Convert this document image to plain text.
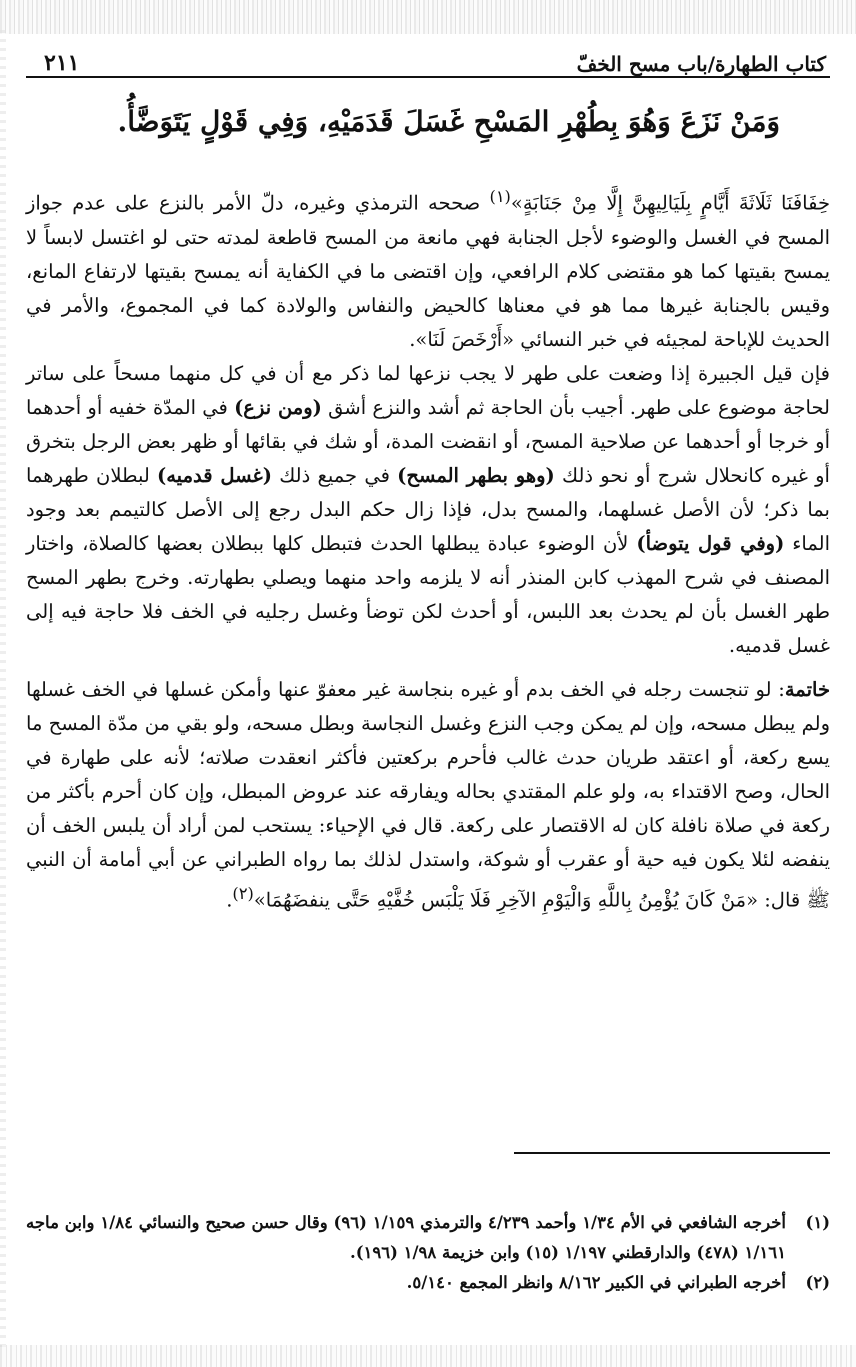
كتاب الطهارة/باب مسح الخفّ
٢١١
وَمَنْ نَزَعَ وَهُوَ بِطُهْرِ المَسْحِ غَسَلَ قَدَمَيْهِ، وَفِي قَوْلٍ يَتَوَضَّأُ.

خِفَافَنَا ثَلَاثَةَ أَيَّامٍ بِلَيَالِيهِنَّ إِلَّا مِنْ جَنَابَةٍ»$^{(١)}$ صححه الترمذي وغيره، دلّ الأمر بالنزع على عدم جواز المسح في الغسل والوضوء لأجل الجنابة فهي مانعة من المسح قاطعة لمدته حتى لو اغتسل لابساً لا يمسح بقيتها كما هو مقتضى كلام الرافعي، وإن اقتضى ما في الكفاية أنه يمسح بقيتها لارتفاع المانع، وقيس بالجنابة غيرها مما هو في معناها كالحيض والنفاس والولادة كما في المجموع، والأمر في الحديث للإباحة لمجيئه في خبر النسائي «أَرْخَصَ لَنَا».

فإن قيل الجبيرة إذا وضعت على طهر لا يجب نزعها لما ذكر مع أن في كل منهما مسحاً على ساتر لحاجة موضوع على طهر. أجيب بأن الحاجة ثم أشد والنزع أشق (ومن نزع) في المدّة خفيه أو أحدهما أو خرجا أو أحدهما عن صلاحية المسح، أو انقضت المدة، أو شك في بقائها أو ظهر بعض الرجل بتخرق أو غيره كانحلال شرج أو نحو ذلك (وهو بطهر المسح) في جميع ذلك (غسل قدميه) لبطلان طهرهما بما ذكر؛ لأن الأصل غسلهما، والمسح بدل، فإذا زال حكم البدل رجع إلى الأصل كالتيمم بعد وجود الماء (وفي قول يتوضأ) لأن الوضوء عبادة يبطلها الحدث فتبطل كلها ببطلان بعضها كالصلاة، واختار المصنف في شرح المهذب كابن المنذر أنه لا يلزمه واحد منهما ويصلي بطهارته. وخرج بطهر المسح طهر الغسل بأن لم يحدث بعد اللبس، أو أحدث لكن توضأ وغسل رجليه في الخف فلا حاجة فيه إلى غسل قدميه.

خاتمة: لو تنجست رجله في الخف بدم أو غيره بنجاسة غير معفوّ عنها وأمكن غسلها في الخف غسلها ولم يبطل مسحه، وإن لم يمكن وجب النزع وغسل النجاسة وبطل مسحه، ولو بقي من مدّة المسح ما يسع ركعة، أو اعتقد طريان حدث غالب فأحرم بركعتين فأكثر انعقدت صلاته؛ لأنه على طهارة في الحال، وصح الاقتداء به، ولو علم المقتدي بحاله ويفارقه عند عروض المبطل، وإن كان أحرم بأكثر من ركعة في صلاة نافلة كان له الاقتصار على ركعة. قال في الإحياء: يستحب لمن أراد أن يلبس الخف أن ينفضه لئلا يكون فيه حية أو عقرب أو شوكة، واستدل لذلك بما رواه الطبراني عن أبي أمامة أن النبي ﷺ قال: «مَنْ كَانَ يُؤْمِنُ بِاللَّهِ وَالْيَوْمِ الآخِرِ فَلَا يَلْبَس خُفَّيْهِ حَتَّى ينفضَهُمَا»$^{(٢)}$.

(١)
أخرجه الشافعي في الأم ١/٣٤ وأحمد ٤/٢٣٩ والترمذي ١/١٥٩ (٩٦) وقال حسن صحيح والنسائي ١/٨٤ وابن ماجه ١/١٦١ (٤٧٨) والدارقطني ١/١٩٧ (١٥) وابن خزيمة ١/٩٨ (١٩٦).
(٢)
أخرجه الطبراني في الكبير ٨/١٦٢ وانظر المجمع ٥/١٤٠.
